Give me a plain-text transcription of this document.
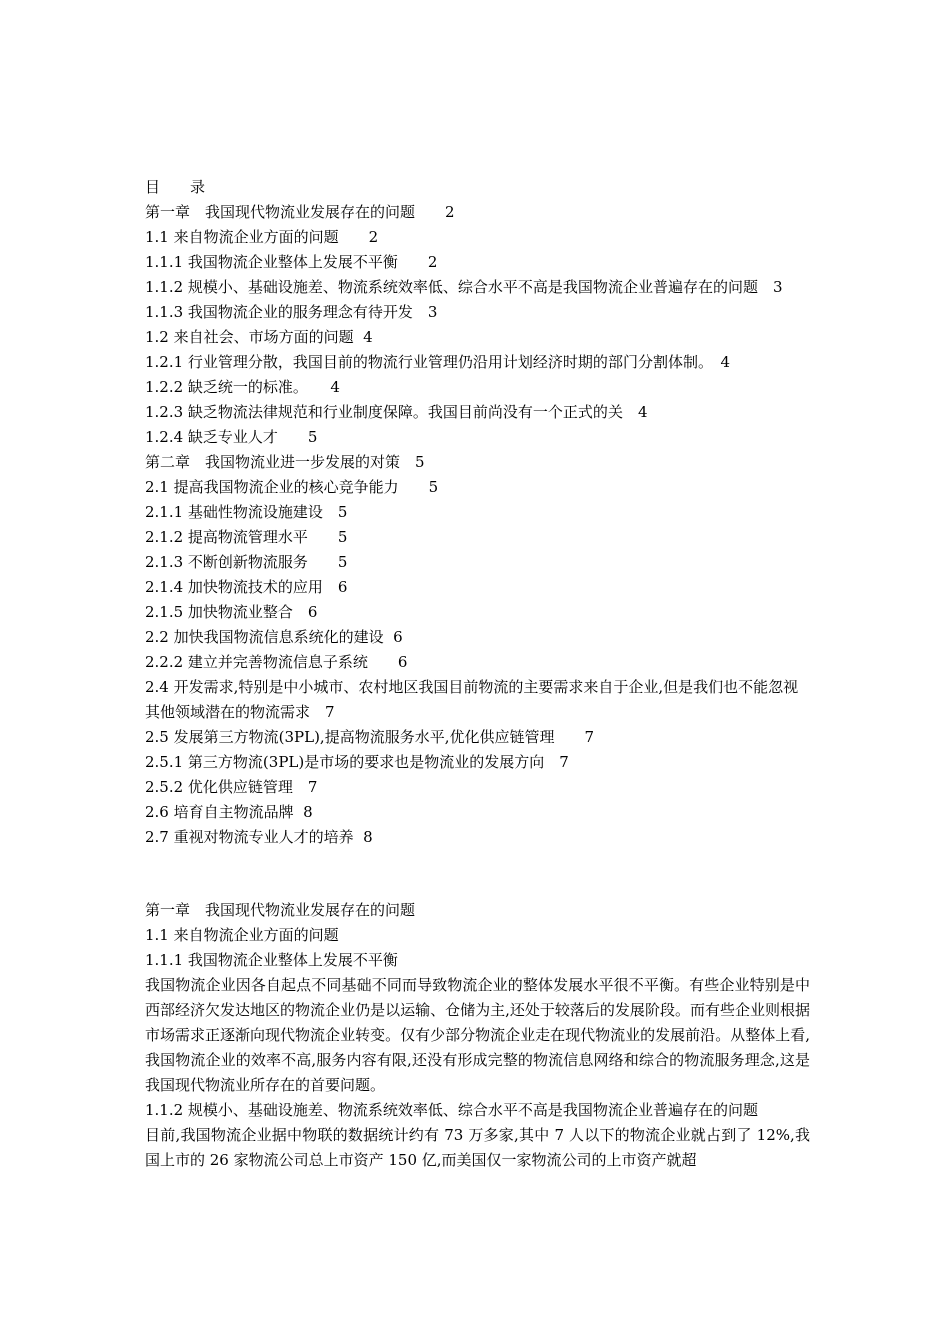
目　　录
第一章　我国现代物流业发展存在的问题　　2
1.1 来自物流企业方面的问题　　2
1.1.1 我国物流企业整体上发展不平衡　　2
1.1.2 规模小、基础设施差、物流系统效率低、综合水平不高是我国物流企业普遍存在的问题　3
1.1.3 我国物流企业的服务理念有待开发　3
1.2 来自社会、市场方面的问题  4
1.2.1 行业管理分散，我国目前的物流行业管理仍沿用计划经济时期的部门分割体制。　4
1.2.2 缺乏统一的标准。　　4
1.2.3 缺乏物流法律规范和行业制度保障。我国目前尚没有一个正式的关　4
1.2.4 缺乏专业人才　　5
第二章　我国物流业进一步发展的对策　5
2.1 提高我国物流企业的核心竞争能力　　5
2.1.1 基础性物流设施建设　5
2.1.2 提高物流管理水平　　5
2.1.3 不断创新物流服务　　5
2.1.4 加快物流技术的应用　6
2.1.5 加快物流业整合　6
2.2 加快我国物流信息系统化的建设  6
2.2.2 建立并完善物流信息子系统　　6
2.4 开发需求,特别是中小城市、农村地区我国目前物流的主要需求来自于企业,但是我们也不能忽视其他领域潜在的物流需求　7
2.5 发展第三方物流(3PL),提高物流服务水平,优化供应链管理　　7
2.5.1 第三方物流(3PL)是市场的要求也是物流业的发展方向　7
2.5.2 优化供应链管理　7
2.6 培育自主物流品牌  8
2.7 重视对物流专业人才的培养  8
第一章　我国现代物流业发展存在的问题
1.1 来自物流企业方面的问题
1.1.1 我国物流企业整体上发展不平衡
我国物流企业因各自起点不同基础不同而导致物流企业的整体发展水平很不平衡。有些企业特别是中西部经济欠发达地区的物流企业仍是以运输、仓储为主,还处于较落后的发展阶段。而有些企业则根据市场需求正逐渐向现代物流企业转变。仅有少部分物流企业走在现代物流业的发展前沿。从整体上看,我国物流企业的效率不高,服务内容有限,还没有形成完整的物流信息网络和综合的物流服务理念,这是我国现代物流业所存在的首要问题。
1.1.2 规模小、基础设施差、物流系统效率低、综合水平不高是我国物流企业普遍存在的问题
目前,我国物流企业据中物联的数据统计约有 73 万多家,其中 7 人以下的物流企业就占到了 12%,我国上市的 26 家物流公司总上市资产 150 亿,而美国仅一家物流公司的上市资产就超
